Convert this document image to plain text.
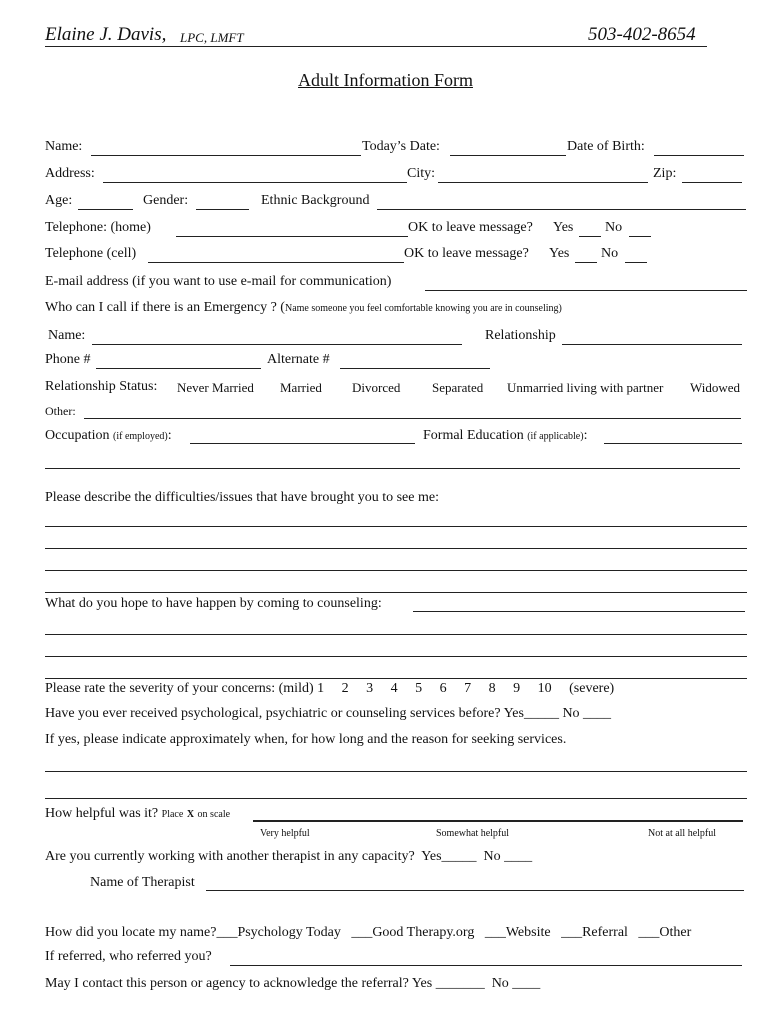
Elaine J. Davis, LPC, LMFT	503-402-8654
Adult Information Form
Name:	Today’s Date:	Date of Birth:
Address:	City:	Zip:
Age:	Gender:	Ethnic Background
Telephone: (home)	OK to leave message? Yes No
Telephone (cell)	OK to leave message? Yes No
E-mail address (if you want to use e-mail for communication)
Who can I call if there is an Emergency ? (Name someone you feel comfortable knowing you are in counseling)
Name:	Relationship
Phone #	Alternate #
Relationship Status: Never Married Married Divorced Separated Unmarried living with partner Widowed
Other:
Occupation (if employed):	Formal Education (if applicable):
Please describe the difficulties/issues that have brought you to see me:
What do you hope to have happen by coming to counseling:
Please rate the severity of your concerns: (mild) 1     2     3     4     5     6     7     8     9     10     (severe)
Have you ever received psychological, psychiatric or counseling services before? Yes_____ No ____
If yes, please indicate approximately when, for how long and the reason for seeking services.
How helpful was it? Place X on scale
Very helpful	Somewhat helpful	Not at all helpful
Are you currently working with another therapist in any capacity?  Yes_____  No ____
Name of Therapist
How did you locate my name?___Psychology Today   ___Good Therapy.org   ___Website   ___Referral   ___Other
If referred, who referred you?
May I contact this person or agency to acknowledge the referral? Yes _______  No ____
